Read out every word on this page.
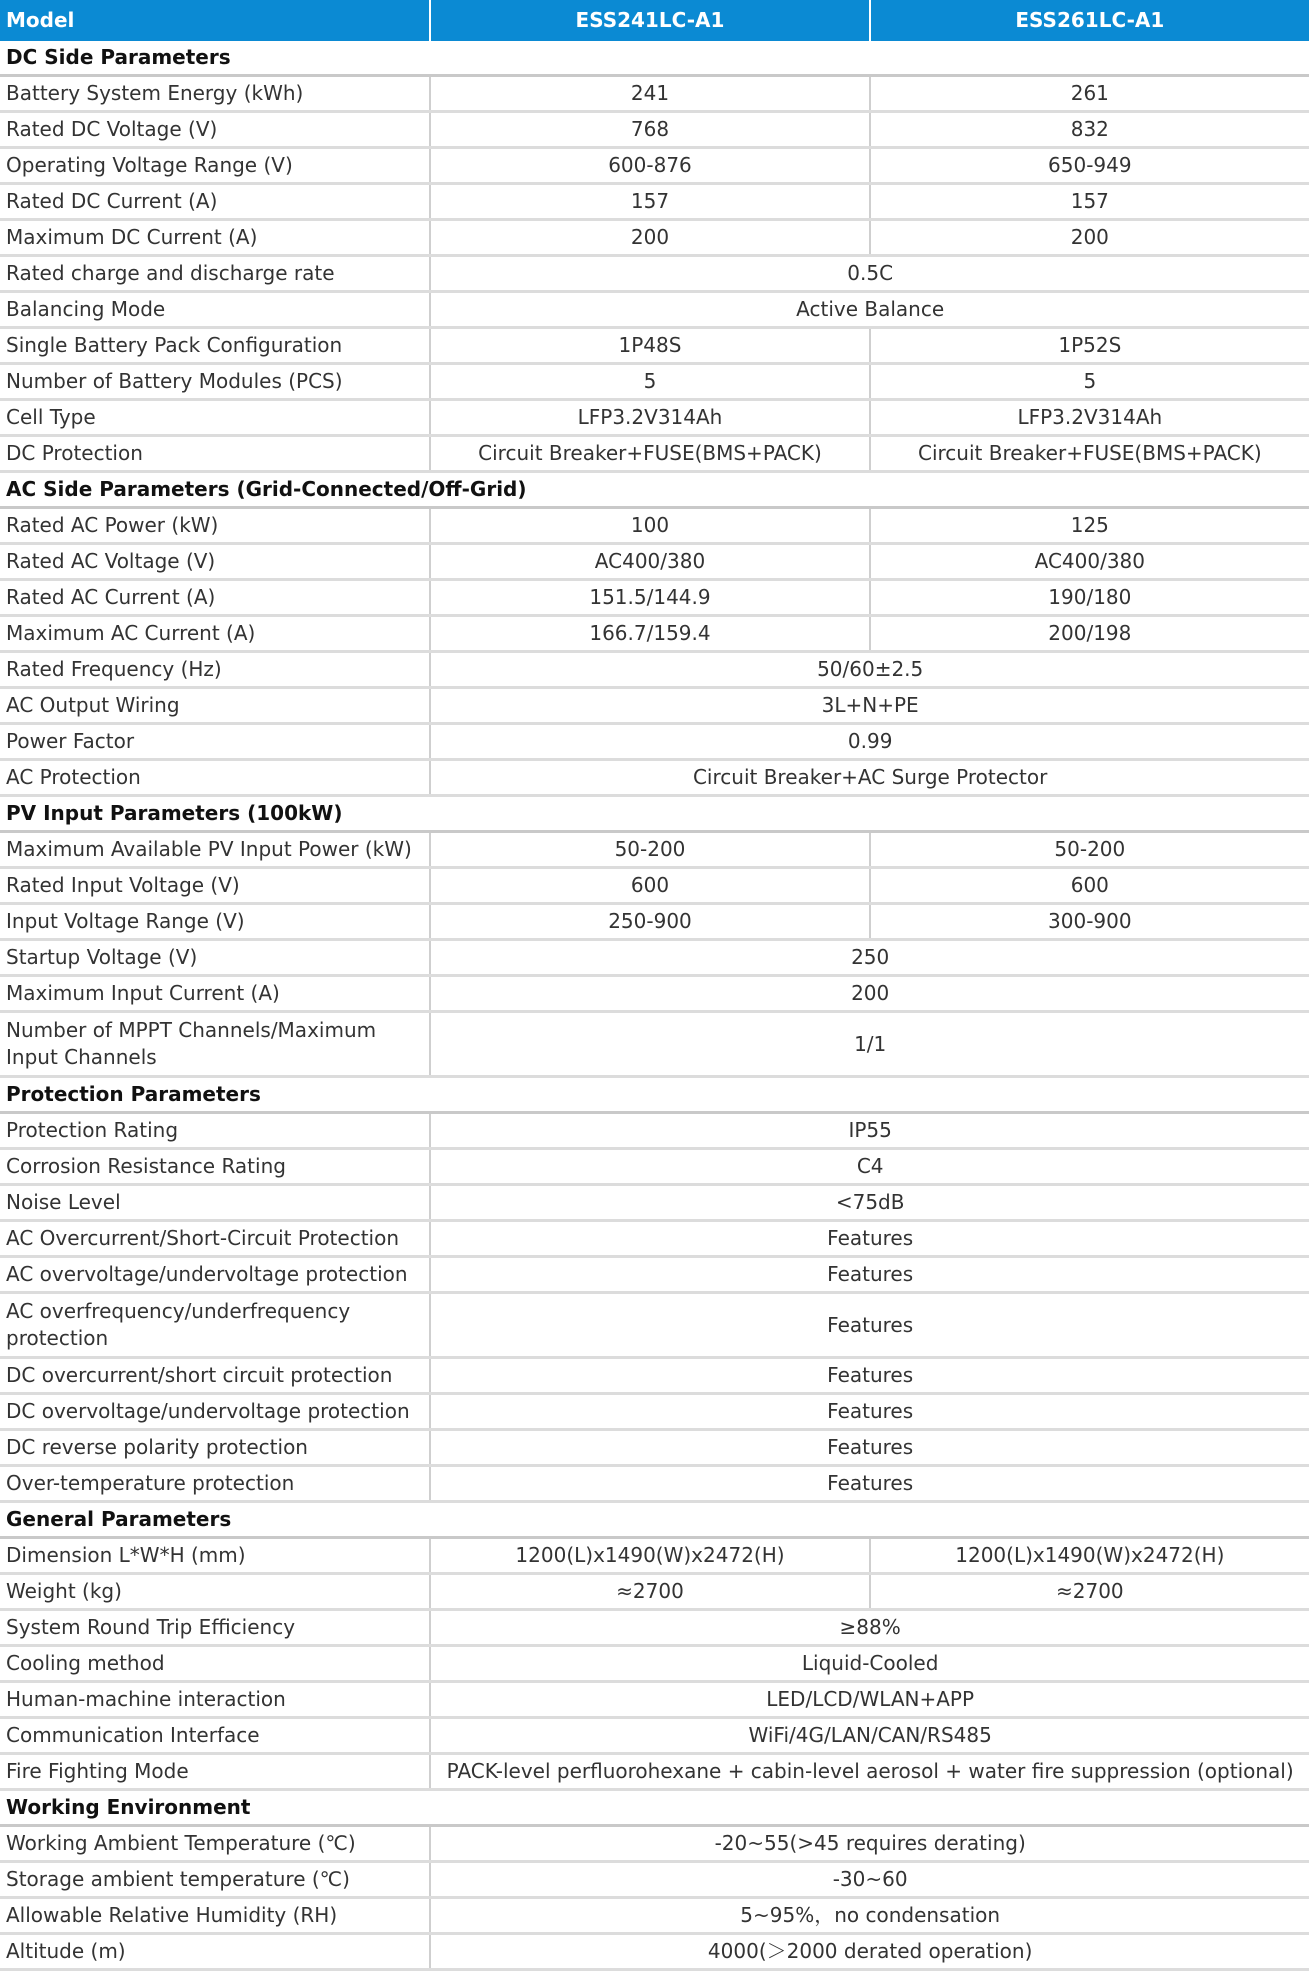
Model	ESS241LC-A1	ESS261LC-A1
DC Side Parameters		
Battery System Energy (kWh)	241	261
Rated DC Voltage (V)	768	832
Operating Voltage Range (V)	600-876	650-949
Rated DC Current (A)	157	157
Maximum DC Current (A)	200	200
Rated charge and discharge rate	0.5C	
Balancing Mode	Active Balance	
Single Battery Pack Configuration	1P48S	1P52S
Number of Battery Modules (PCS)	5	5
Cell Type	LFP3.2V314Ah	LFP3.2V314Ah
DC Protection	Circuit Breaker+FUSE(BMS+PACK)	Circuit Breaker+FUSE(BMS+PACK)
AC Side Parameters (Grid-Connected/Off-Grid)		
Rated AC Power (kW)	100	125
Rated AC Voltage (V)	AC400/380	AC400/380
Rated AC Current (A)	151.5/144.9	190/180
Maximum AC Current (A)	166.7/159.4	200/198
Rated Frequency (Hz)	50/60±2.5	
AC Output Wiring	3L+N+PE	
Power Factor	0.99	
AC Protection	Circuit Breaker+AC Surge Protector	
PV Input Parameters (100kW)		
Maximum Available PV Input Power (kW)	50-200	50-200
Rated Input Voltage (V)	600	600
Input Voltage Range (V)	250-900	300-900
Startup Voltage (V)	250	
Maximum Input Current (A)	200	
Number of MPPT Channels/Maximum Input Channels	1/1	
Protection Parameters		
Protection Rating	IP55	
Corrosion Resistance Rating	C4	
Noise Level	<75dB	
AC Overcurrent/Short-Circuit Protection	Features	
AC overvoltage/undervoltage protection	Features	
AC overfrequency/underfrequency protection	Features	
DC overcurrent/short circuit protection	Features	
DC overvoltage/undervoltage protection	Features	
DC reverse polarity protection	Features	
Over-temperature protection	Features	
General Parameters		
Dimension L*W*H (mm)	1200(L)x1490(W)x2472(H)	1200(L)x1490(W)x2472(H)
Weight (kg)	≈2700	≈2700
System Round Trip Efficiency	≥88%	
Cooling method	Liquid-Cooled	
Human-machine interaction	LED/LCD/WLAN+APP	
Communication Interface	WiFi/4G/LAN/CAN/RS485	
Fire Fighting Mode	PACK-level perfluorohexane + cabin-level aerosol + water fire suppression (optional)	
Working Environment		
Working Ambient Temperature (℃)	-20~55(>45 requires derating)	
Storage ambient temperature (℃)	-30~60	
Allowable Relative Humidity (RH)	5~95%，no condensation	
Altitude (m)	4000(＞2000 derated operation)	
